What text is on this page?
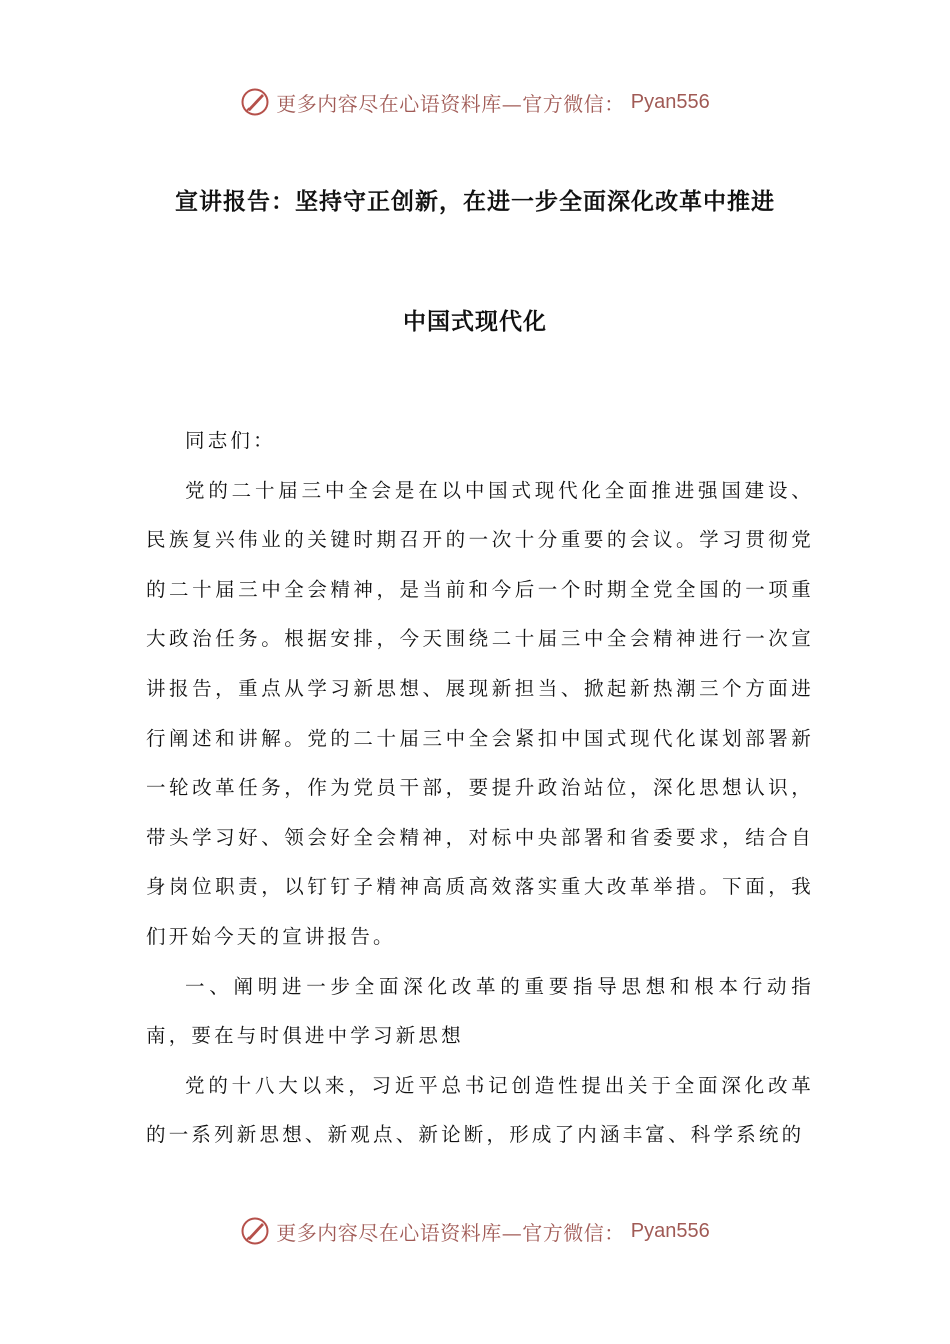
更多内容尽在心语资料库—官方微信： Pyan556
宣讲报告：坚持守正创新，在进一步全面深化改革中推进
中国式现代化

同志们：

党的二十届三中全会是在以中国式现代化全面推进强国建设、民族复兴伟业的关键时期召开的一次十分重要的会议。学习贯彻党的二十届三中全会精神，是当前和今后一个时期全党全国的一项重大政治任务。根据安排，今天围绕二十届三中全会精神进行一次宣讲报告，重点从学习新思想、展现新担当、掀起新热潮三个方面进行阐述和讲解。党的二十届三中全会紧扣中国式现代化谋划部署新一轮改革任务，作为党员干部，要提升政治站位，深化思想认识，带头学习好、领会好全会精神，对标中央部署和省委要求，结合自身岗位职责，以钉钉子精神高质高效落实重大改革举措。下面，我们开始今天的宣讲报告。

一、阐明进一步全面深化改革的重要指导思想和根本行动指南，要在与时俱进中学习新思想

党的十八大以来，习近平总书记创造性提出关于全面深化改革的一系列新思想、新观点、新论断，形成了内涵丰富、科学系统的

更多内容尽在心语资料库—官方微信： Pyan556
